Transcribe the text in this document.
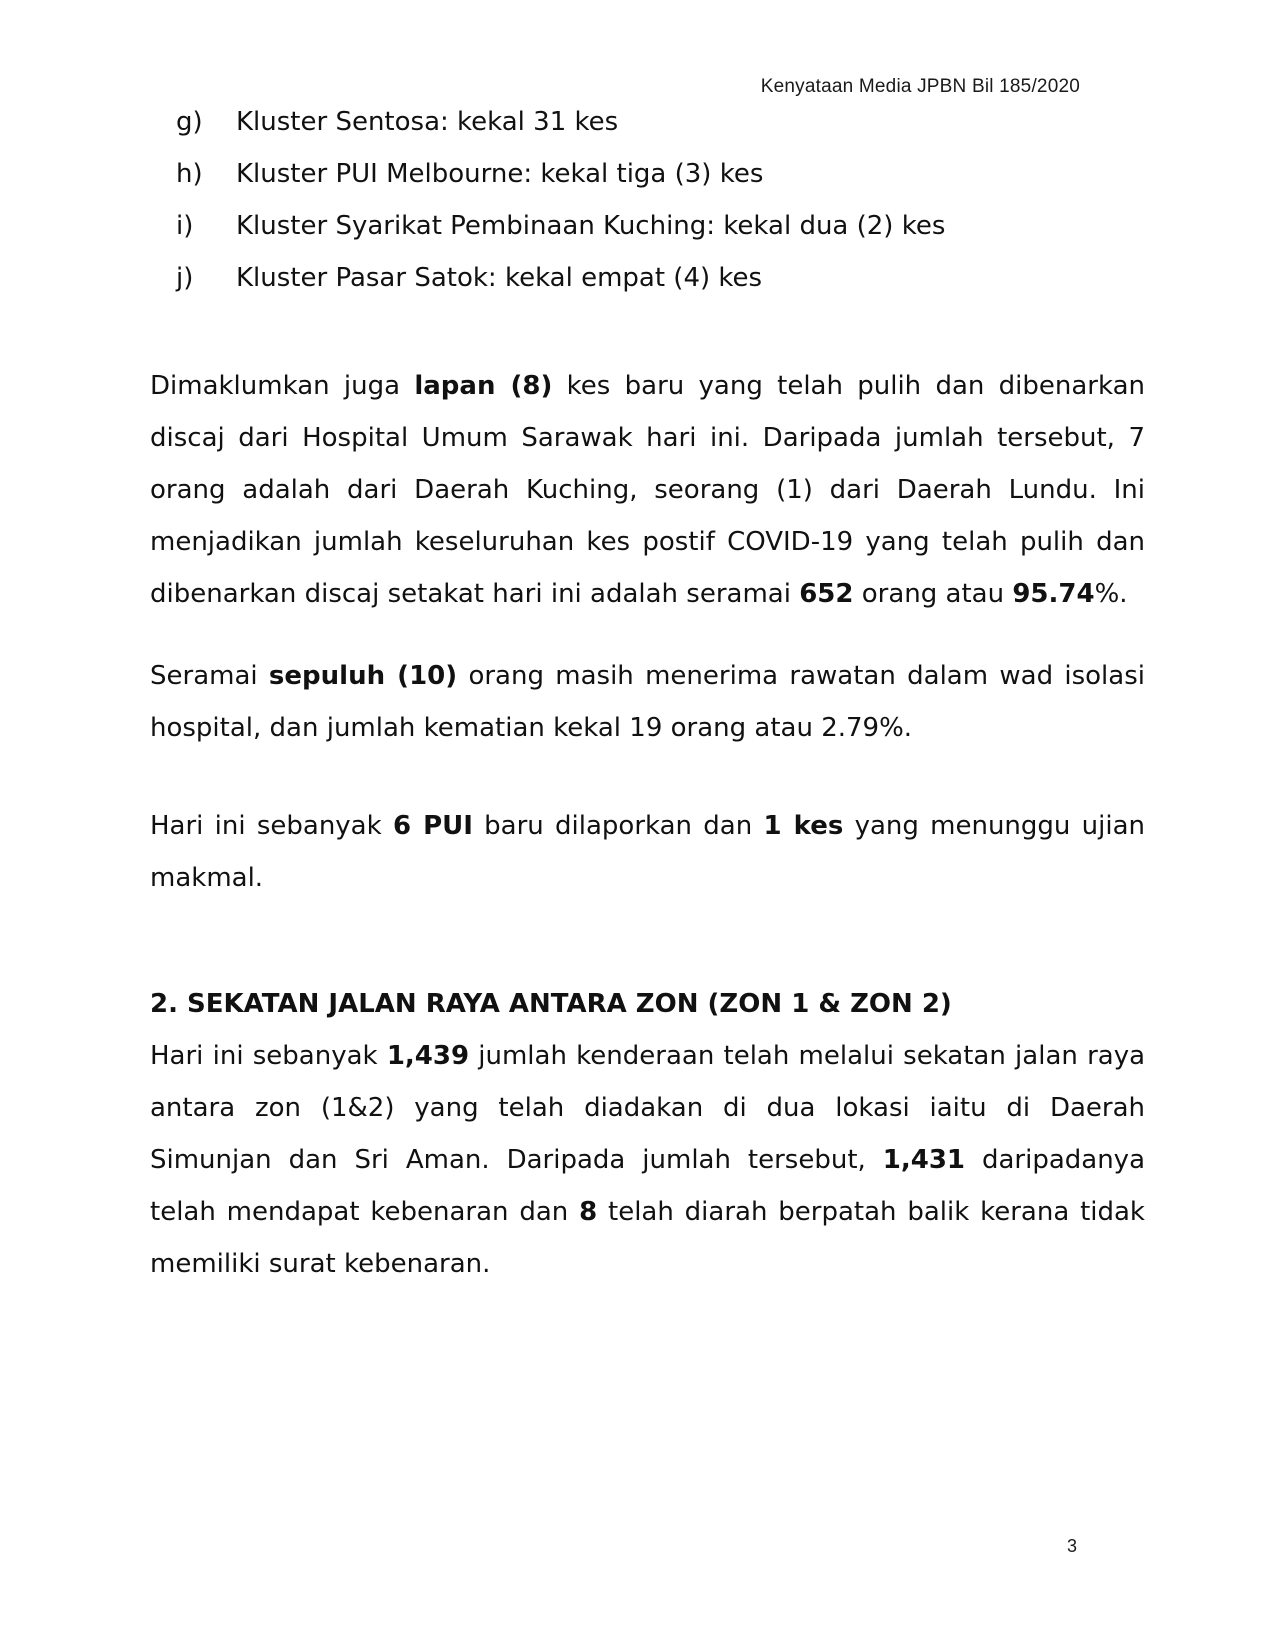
Kenyataan Media JPBN Bil 185/2020
g)	Kluster Sentosa: kekal 31 kes
h)	Kluster PUI Melbourne: kekal tiga (3) kes
i)	Kluster Syarikat Pembinaan Kuching: kekal dua (2) kes
j)	Kluster Pasar Satok: kekal empat (4) kes

Dimaklumkan juga lapan (8) kes baru yang telah pulih dan dibenarkan discaj dari Hospital Umum Sarawak hari ini. Daripada jumlah tersebut, 7 orang adalah dari Daerah Kuching, seorang (1) dari Daerah Lundu. Ini menjadikan jumlah keseluruhan kes postif COVID-19 yang telah pulih dan dibenarkan discaj setakat hari ini adalah seramai 652 orang atau 95.74%.

Seramai sepuluh (10) orang masih menerima rawatan dalam wad isolasi hospital, dan jumlah kematian kekal 19 orang atau 2.79%.

Hari ini sebanyak 6 PUI baru dilaporkan dan 1 kes yang menunggu ujian makmal.

2. SEKATAN JALAN RAYA ANTARA ZON (ZON 1 & ZON 2)

Hari ini sebanyak 1,439 jumlah kenderaan telah melalui sekatan jalan raya antara zon (1&2) yang telah diadakan di dua lokasi iaitu di Daerah Simunjan dan Sri Aman. Daripada jumlah tersebut, 1,431 daripadanya telah mendapat kebenaran dan 8 telah diarah berpatah balik kerana tidak memiliki surat kebenaran.

3
